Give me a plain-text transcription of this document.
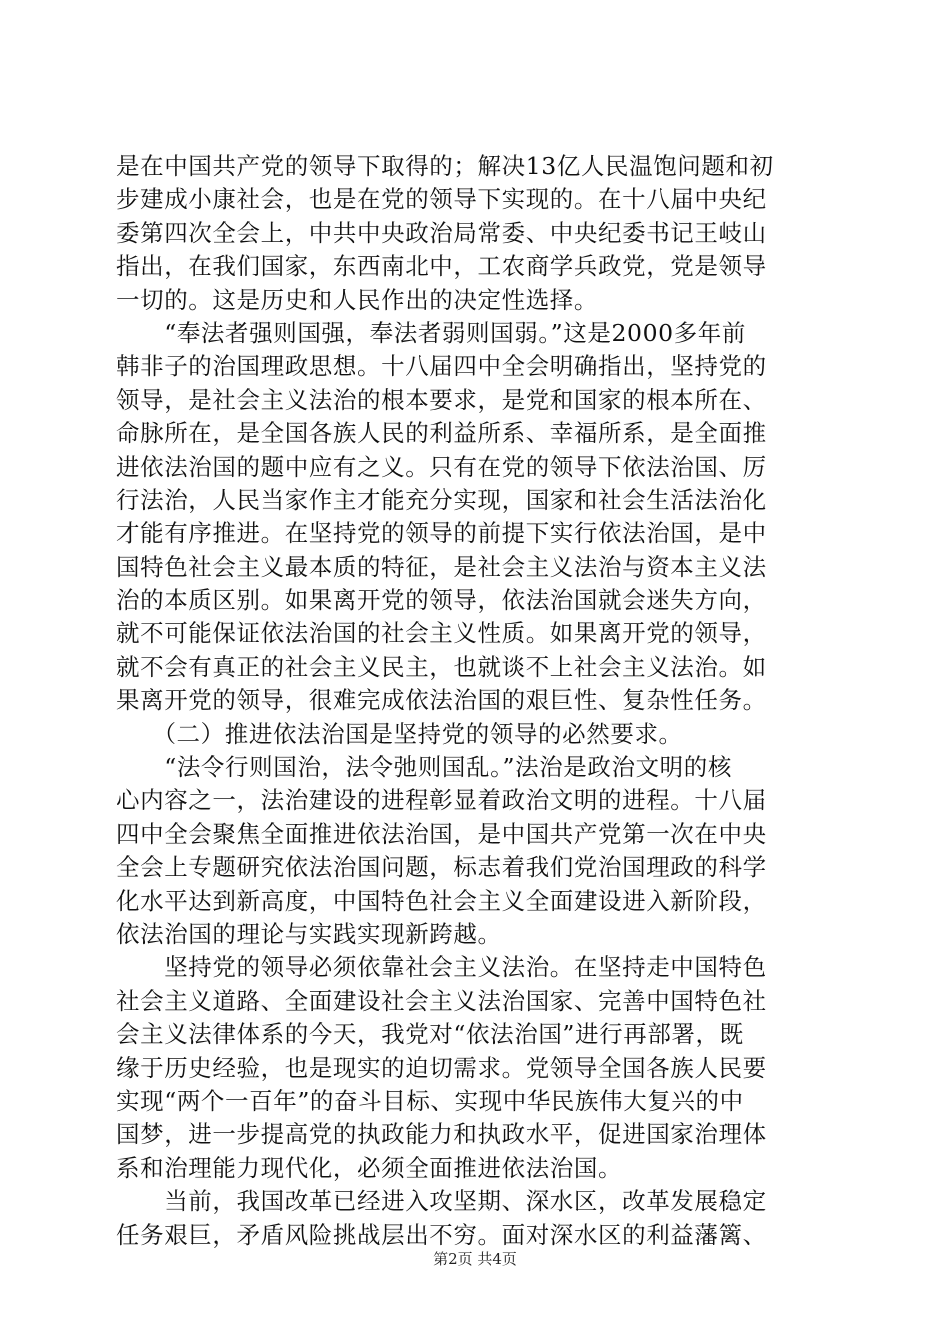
是在中国共产党的领导下取得的；解决13亿人民温饱问题和初
步建成小康社会，也是在党的领导下实现的。在十八届中央纪
委第四次全会上，中共中央政治局常委、中央纪委书记王岐山
指出，在我们国家，东西南北中，工农商学兵政党，党是领导
一切的。这是历史和人民作出的决定性选择。
　　“奉法者强则国强，奉法者弱则国弱。”这是2000多年前
韩非子的治国理政思想。十八届四中全会明确指出，坚持党的
领导，是社会主义法治的根本要求，是党和国家的根本所在、
命脉所在，是全国各族人民的利益所系、幸福所系，是全面推
进依法治国的题中应有之义。只有在党的领导下依法治国、厉
行法治，人民当家作主才能充分实现，国家和社会生活法治化
才能有序推进。在坚持党的领导的前提下实行依法治国，是中
国特色社会主义最本质的特征，是社会主义法治与资本主义法
治的本质区别。如果离开党的领导，依法治国就会迷失方向，
就不可能保证依法治国的社会主义性质。如果离开党的领导，
就不会有真正的社会主义民主，也就谈不上社会主义法治。如
果离开党的领导，很难完成依法治国的艰巨性、复杂性任务。
　　（二）推进依法治国是坚持党的领导的必然要求。
　　“法令行则国治，法令弛则国乱。”法治是政治文明的核
心内容之一，法治建设的进程彰显着政治文明的进程。十八届
四中全会聚焦全面推进依法治国，是中国共产党第一次在中央
全会上专题研究依法治国问题，标志着我们党治国理政的科学
化水平达到新高度，中国特色社会主义全面建设进入新阶段，
依法治国的理论与实践实现新跨越。
　　坚持党的领导必须依靠社会主义法治。在坚持走中国特色
社会主义道路、全面建设社会主义法治国家、完善中国特色社
会主义法律体系的今天，我党对“依法治国”进行再部署，既
缘于历史经验，也是现实的迫切需求。党领导全国各族人民要
实现“两个一百年”的奋斗目标、实现中华民族伟大复兴的中
国梦，进一步提高党的执政能力和执政水平，促进国家治理体
系和治理能力现代化，必须全面推进依法治国。
　　当前，我国改革已经进入攻坚期、深水区，改革发展稳定
任务艰巨，矛盾风险挑战层出不穷。面对深水区的利益藩篱、
第2页 共4页
